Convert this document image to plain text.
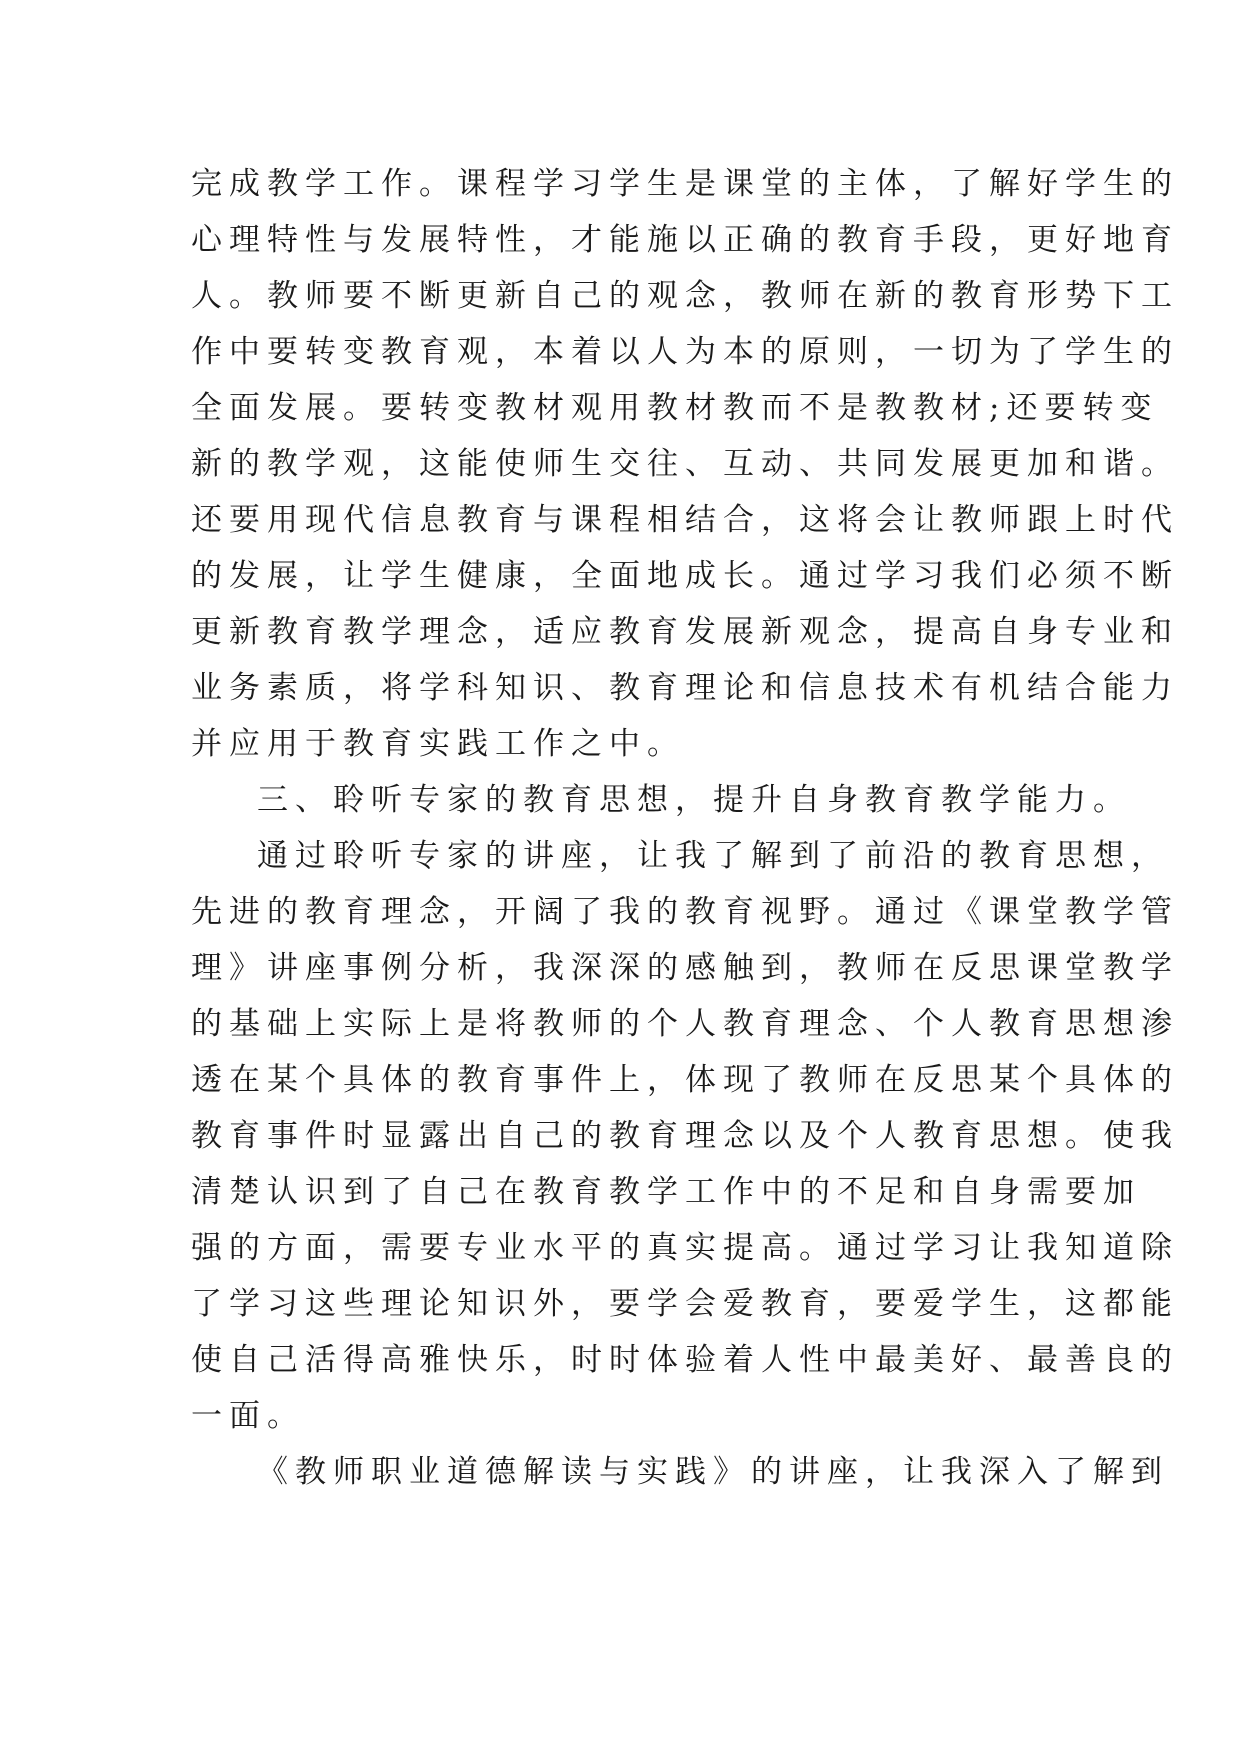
完成教学工作。课程学习学生是课堂的主体，了解好学生的

心理特性与发展特性，才能施以正确的教育手段，更好地育

人。教师要不断更新自己的观念，教师在新的教育形势下工

作中要转变教育观，本着以人为本的原则，一切为了学生的

全面发展。要转变教材观用教材教而不是教教材;还要转变

新的教学观，这能使师生交往、互动、共同发展更加和谐。

还要用现代信息教育与课程相结合，这将会让教师跟上时代

的发展，让学生健康，全面地成长。通过学习我们必须不断

更新教育教学理念，适应教育发展新观念，提高自身专业和

业务素质，将学科知识、教育理论和信息技术有机结合能力

并应用于教育实践工作之中。

三、聆听专家的教育思想，提升自身教育教学能力。

通过聆听专家的讲座，让我了解到了前沿的教育思想，

先进的教育理念，开阔了我的教育视野。通过《课堂教学管

理》讲座事例分析，我深深的感触到，教师在反思课堂教学

的基础上实际上是将教师的个人教育理念、个人教育思想渗

透在某个具体的教育事件上，体现了教师在反思某个具体的

教育事件时显露出自己的教育理念以及个人教育思想。使我

清楚认识到了自己在教育教学工作中的不足和自身需要加

强的方面，需要专业水平的真实提高。通过学习让我知道除

了学习这些理论知识外，要学会爱教育，要爱学生，这都能

使自己活得高雅快乐，时时体验着人性中最美好、最善良的

一面。

《教师职业道德解读与实践》的讲座，让我深入了解到
